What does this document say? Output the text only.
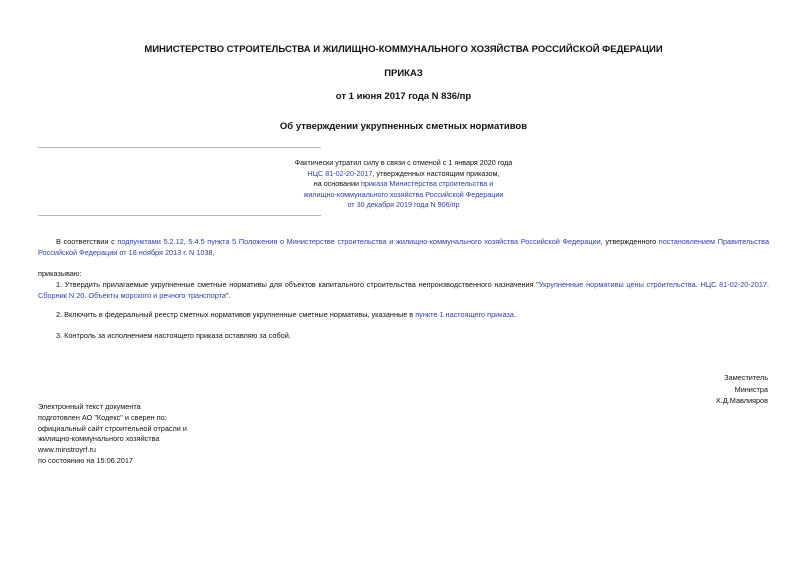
МИНИСТЕРСТВО СТРОИТЕЛЬСТВА И ЖИЛИЩНО-КОММУНАЛЬНОГО ХОЗЯЙСТВА РОССИЙСКОЙ ФЕДЕРАЦИИ
ПРИКАЗ
от 1 июня 2017 года N 836/пр
Об утверждении укрупненных сметных нормативов
Фактически утратил силу в связи с отменой с 1 января 2020 года
НЦС 81-02-20-2017, утвержденных настоящим приказом,
на основании приказа Министерства строительства и
жилищно-коммунального хозяйства Российской Федерации
от 30 декабря 2019 года N 906/пр
В соответствии с подпунктами 5.2.12, 5.4.5 пункта 5 Положения о Министерстве строительства и жилищно-коммунального хозяйства Российской Федерации, утвержденного постановлением Правительства Российской Федерации от 18 ноября 2013 г. N 1038,
приказываю:
1. Утвердить прилагаемые укрупненные сметные нормативы для объектов капитального строительства непроизводственного назначения "Укрупненные нормативы цены строительства. НЦС 81-02-20-2017. Сборник N 20. Объекты морского и речного транспорта".
2. Включить в федеральный реестр сметных нормативов укрупненные сметные нормативы, указанные в пункте 1 настоящего приказа.
3. Контроль за исполнением настоящего приказа оставляю за собой.
Заместитель
Министра
Х.Д.Мавлияров
Электронный текст документа
подготовлен АО "Кодекс" и сверен по:
официальный сайт строительной отрасли и
жилищно-коммунального хозяйства
www.minstroyrf.ru
по состоянию на 15.06.2017
